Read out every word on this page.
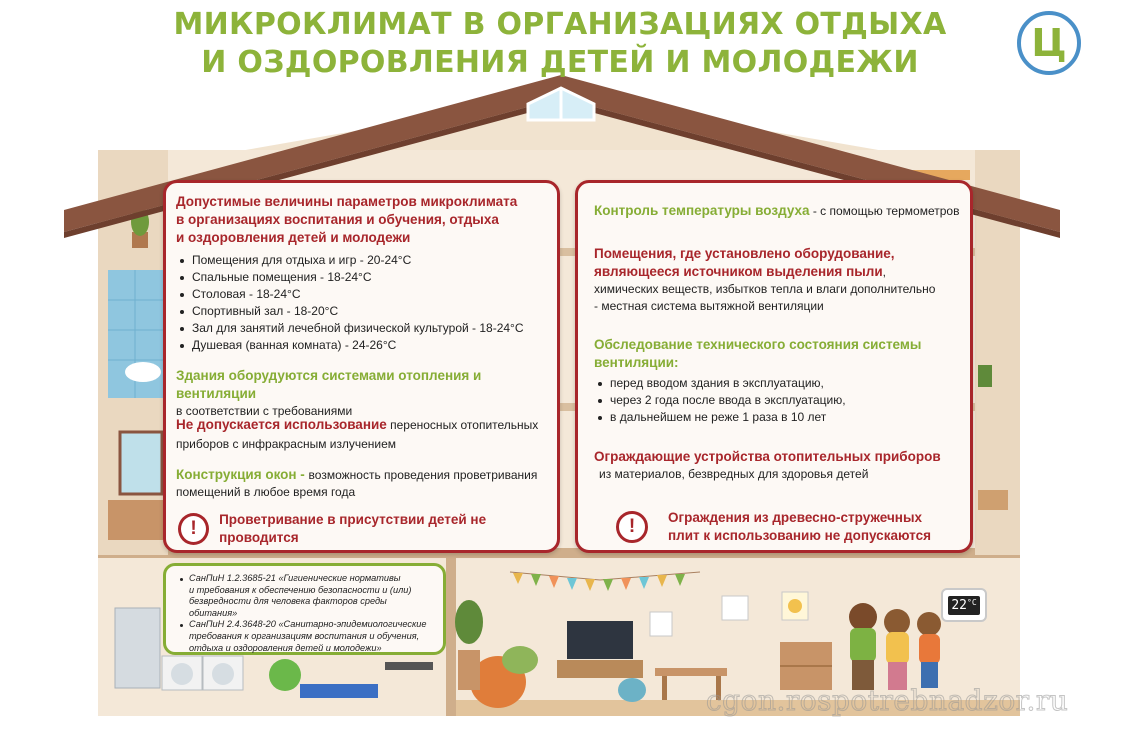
МИКРОКЛИМАТ В ОРГАНИЗАЦИЯХ ОТДЫХА
И ОЗДОРОВЛЕНИЯ ДЕТЕЙ И МОЛОДЕЖИ	Ц
Допустимые величины параметров микроклимата
в организациях воспитания и обучения, отдыха
и оздоровления детей и молодежи
Помещения для отдыха и игр - 20-24°С
Спальные помещения - 18-24°С
Столовая - 18-24°С
Спортивный зал - 18-20°С
Зал для занятий лечебной физической культурой - 18-24°С
Душевая (ванная комната) - 24-26°С
Здания оборудуются системами отопления и вентиляции
в соответствии с требованиями
Не допускается использование переносных отопительных
приборов с инфракрасным излучением
Конструкция окон - возможность проведения проветривания
помещений в любое время года
!	Проветривание в присутствии детей не проводится
Контроль температуры воздуха - с помощью термометров
Помещения, где установлено оборудование,
являющееся источником выделения пыли,
химических веществ, избытков тепла и влаги дополнительно
- местная система вытяжной вентиляции
Обследование технического состояния системы
вентиляции:
перед вводом здания в эксплуатацию,
через 2 года после ввода в эксплуатацию,
в дальнейшем не реже 1 раза в 10 лет
Ограждающие устройства отопительных приборов
из материалов, безвредных для здоровья детей
!	Ограждения из древесно-стружечных
плит к использованию не допускаются
СанПиН 1.2.3685-21 «Гигиенические нормативы
и требования к обеспечению безопасности и (или)
безвредности для человека факторов среды обитания»
СанПиН 2.4.3648-20 «Санитарно-эпидемиологические
требования к организациям воспитания и обучения,
отдыха и оздоровления детей и молодежи»
$22^{^\circ С}$
cgon.rospotrebnadzor.ru
